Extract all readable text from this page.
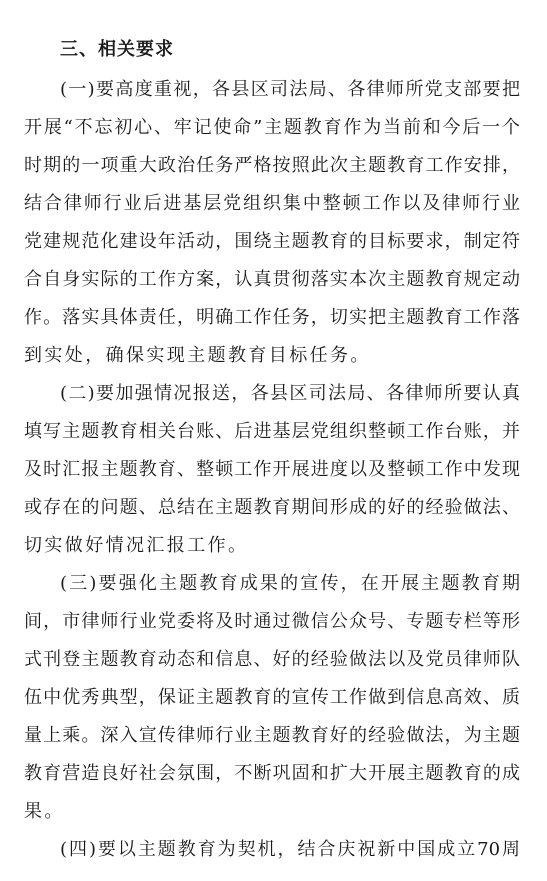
三、相关要求
(一)要高度重视，各县区司法局、各律师所党支部要把
开展“不忘初心、牢记使命”主题教育作为当前和今后一个
时期的一项重大政治任务严格按照此次主题教育工作安排，
结合律师行业后进基层党组织集中整顿工作以及律师行业
党建规范化建设年活动，围绕主题教育的目标要求，制定符
合自身实际的工作方案，认真贯彻落实本次主题教育规定动
作。落实具体责任，明确工作任务，切实把主题教育工作落
到实处，确保实现主题教育目标任务。
(二)要加强情况报送，各县区司法局、各律师所要认真
填写主题教育相关台账、后进基层党组织整顿工作台账，并
及时汇报主题教育、整顿工作开展进度以及整顿工作中发现
或存在的问题、总结在主题教育期间形成的好的经验做法、
切实做好情况汇报工作。
(三)要强化主题教育成果的宣传，在开展主题教育期
间，市律师行业党委将及时通过微信公众号、专题专栏等形
式刊登主题教育动态和信息、好的经验做法以及党员律师队
伍中优秀典型，保证主题教育的宣传工作做到信息高效、质
量上乘。深入宣传律师行业主题教育好的经验做法，为主题
教育营造良好社会氛围，不断巩固和扩大开展主题教育的成
果。
(四)要以主题教育为契机，结合庆祝新中国成立70周
